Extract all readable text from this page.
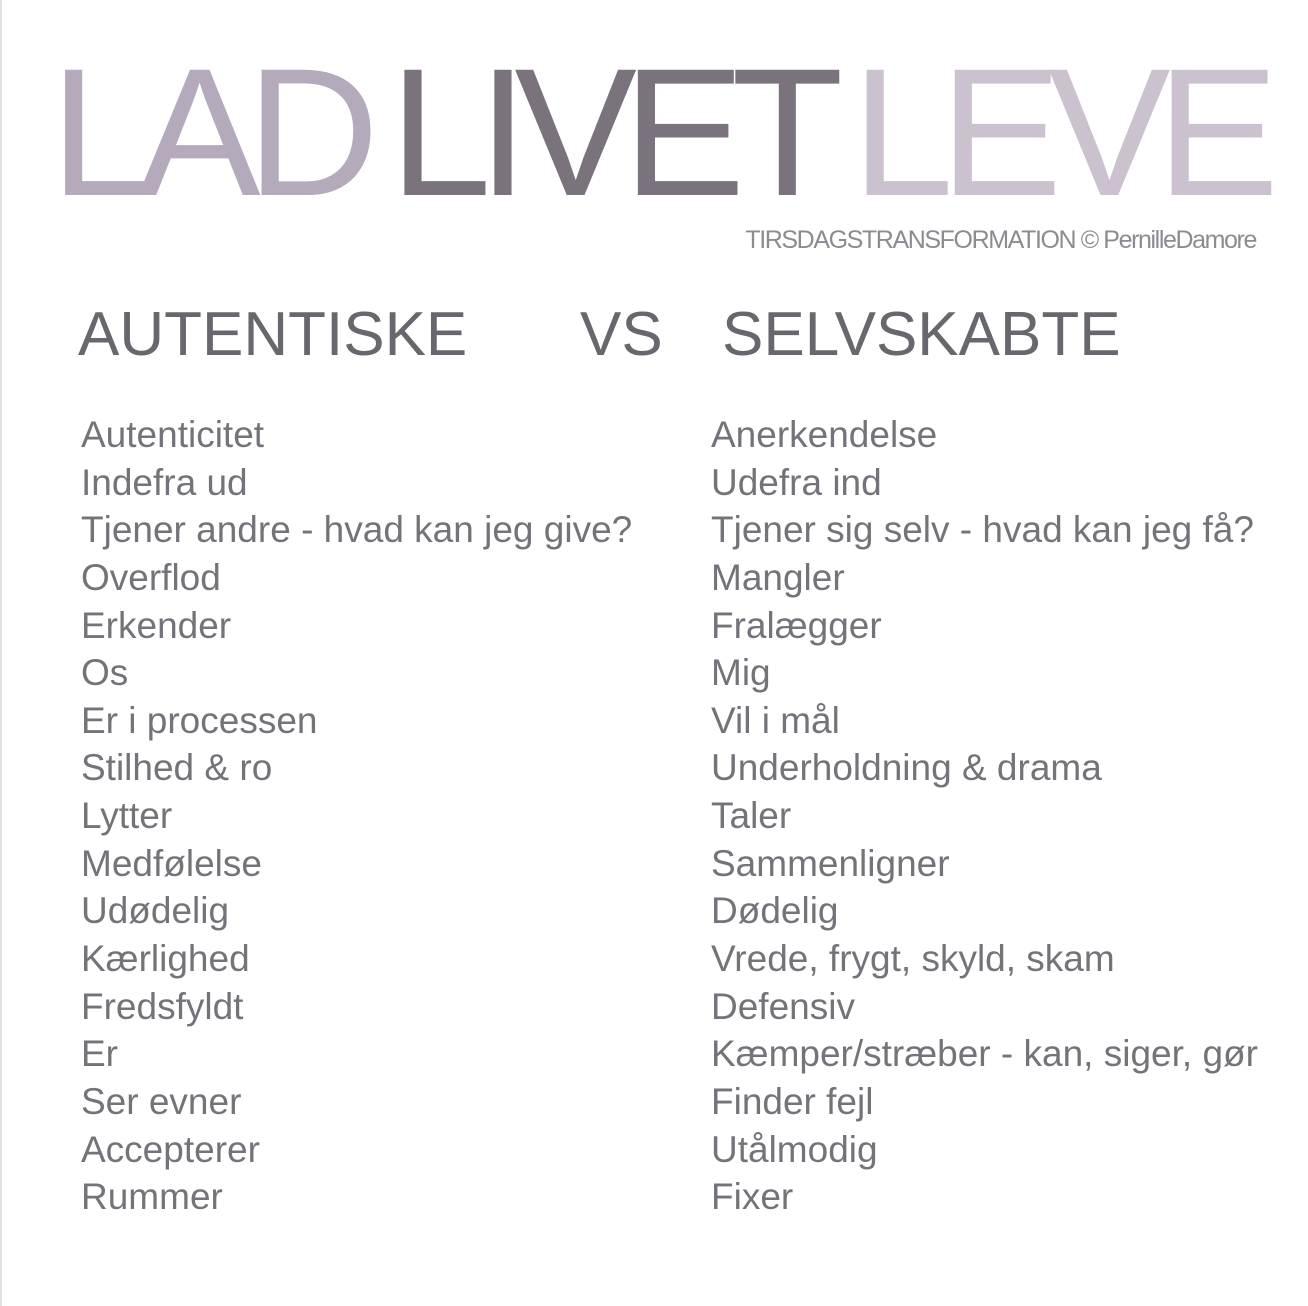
LAD LIVET LEVE
TIRSDAGSTRANSFORMATION © PernilleDamore
AUTENTISKE VS SELVSKABTE
Autenticitet
Indefra ud
Tjener andre - hvad kan jeg give?
Overflod
Erkender
Os
Er i processen
Stilhed & ro
Lytter
Medfølelse
Udødelig
Kærlighed
Fredsfyldt
Er
Ser evner
Accepterer
Rummer
Anerkendelse
Udefra ind
Tjener sig selv - hvad kan jeg få?
Mangler
Fralægger
Mig
Vil i mål
Underholdning & drama
Taler
Sammenligner
Dødelig
Vrede, frygt, skyld, skam
Defensiv
Kæmper/stræber - kan, siger, gør
Finder fejl
Utålmodig
Fixer
